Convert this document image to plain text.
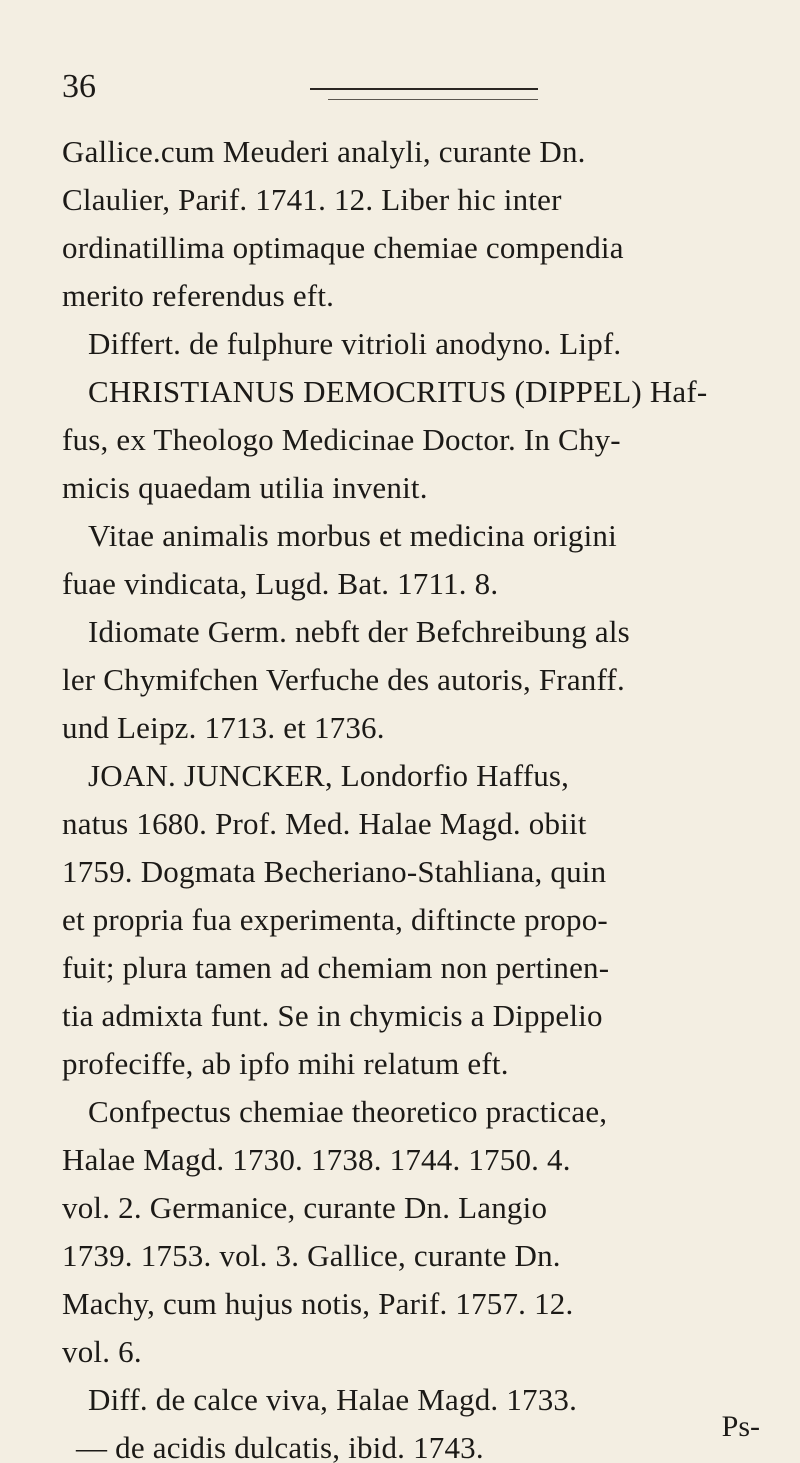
36
Gallice.cum Meuderi analyli, curante Dn.
Claulier, Parif. 1741. 12. Liber hic inter
ordinatillima optimaque chemiae compendia
merito referendus eft.
Differt. de fulphure vitrioli anodyno. Lipf.
CHRISTIANUS DEMOCRITUS (DIPPEL) Haf-
fus, ex Theologo Medicinae Doctor. In Chy-
micis quaedam utilia invenit.
Vitae animalis morbus et medicina origini
fuae vindicata, Lugd. Bat. 1711. 8.
Idiomate Germ. nebft der Befchreibung als
ler Chymifchen Verfuche des autoris, Franff.
und Leipz. 1713. et 1736.
JOAN. JUNCKER, Londorfio Haffus,
natus 1680. Prof. Med. Halae Magd. obiit
1759. Dogmata Becheriano-Stahliana, quin
et propria fua experimenta, diftincte propo-
fuit; plura tamen ad chemiam non pertinen-
tia admixta funt. Se in chymicis a Dippelio
profeciffe, ab ipfo mihi relatum eft.
Confpectus chemiae theoretico practicae,
Halae Magd. 1730. 1738. 1744. 1750. 4.
vol. 2. Germanice, curante Dn. Langio
1739. 1753. vol. 3. Gallice, curante Dn.
Machy, cum hujus notis, Parif. 1757. 12.
vol. 6.
Diff. de calce viva, Halae Magd. 1733.
— de acidis dulcatis, ibid. 1743.
Ps-
